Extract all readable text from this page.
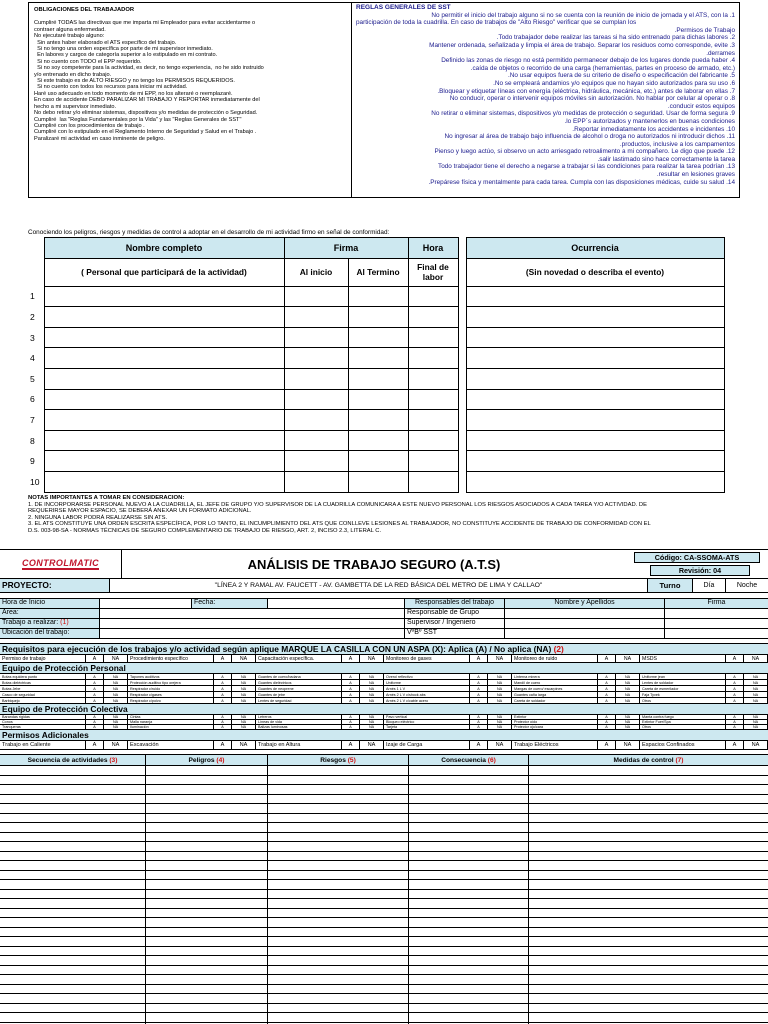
OBLIGACIONES DEL TRABAJADOR
Cumpliré TODAS las directivas que me imparta mi Empleador para evitar accidentarme o
contraer alguna enfermedad.
No ejecutaré trabajo alguno:
Sin antes haber elaborado el ATS específico del trabajo.
Si no tengo una orden específica por parte de mi supervisor inmediato.
En labores y cargos de categoría superior a lo estipulado en mi contrato.
Si no cuento con TODO el EPP requerido.
Si no soy competente para la actividad, es decir, no tengo experiencia,  no he sido instruido
y/o entrenado en dicho trabajo.
Si este trabajo es de ALTO RIESGO y no tengo los PERMISOS REQUERIDOS.
Si no cuento con todos los recursos para iniciar mi actividad.
Haré uso adecuado en todo momento de mi EPP, no los alteraré o reemplazaré.
En caso de accidente DEBO PARALIZAR MI TRABAJO Y REPORTAR inmediatamente del
hecho a mi supervisor inmediato.
No debo retirar y/o eliminar sistemas, dispositivos y/o medidas de protección o Seguridad.
Cumpliré  las "Reglas Fundamentales por la Vida" y las "Reglas Generales de SST"
Cumpliré con los procedimientos de trabajo .
Cumpliré con lo estipulado en el Reglamento Interno de Seguridad y Salud en el Trabajo .
Paralizaré mi actividad en caso inminente de peligro.
REGLAS GENERALES DE SST
No permitir el inicio del trabajo alguno si no se cuenta con la reunión de inicio de jornada y el ATS, con la .1
participación de toda la cuadrilla. En caso de trabajos de "Alto Riesgo" verificar que se cumplan los
.Permisos de Trabajo
.Todo trabajador debe realizar las tareas si ha sido entrenado para dichas labores .2
Mantener ordenada, señalizada y limpia el área de trabajo. Separar los residuos como corresponde, evite .3
.derrames
Definido las zonas de riesgo no está permitido permanecer debajo de los lugares donde pueda haber .4
.caída de objetos o recorrido de una carga (herramientas, partes en proceso de armado, etc.)
.No usar equipos fuera de su criterio de diseño o especificación del fabricante .5
.No se empleará andamios y/o equipos que no hayan sido autorizados para su uso .6
.Bloquear y etiquetar líneas con energía (eléctrica, hidráulica, mecánica, etc.) antes de laborar en ellas .7
No conducir, operar o intervenir equipos móviles sin autorización. No hablar por celular al operar o .8
.conducir estos equipos
No retirar o eliminar sistemas, dispositivos y/o medidas de protección o seguridad. Usar de forma segura .9
.lo EPP´s autorizados y mantenerlos en buenas condiciones
.Reportar inmediatamente los accidentes e incidentes .10
No ingresar al área de trabajo bajo influencia de alcohol o droga no autorizados ni introducir dichos .11
.productos, inclusive a los campamentos
Pienso y luego actúo, si observo un acto arriesgado retroalimento a mi compañero. Le digo que puede .12
.salir lastimado sino hace correctamente la tarea
Todo trabajador tiene el derecho a negarse a trabajar si las condiciones para realizar la tarea podrían .13
.resultar en lesiones graves
.Prepárese física y mentalmente para cada tarea. Cumpla con las disposiciones médicas, cuide su salud .14
Conociendo los peligros, riesgos y medidas de control a adoptar en el desarrollo de mi actividad firmo en señal de conformidad:
	Nombre completo	Firma		Hora		Ocurrencia
	( Personal que participará de la actividad)	Al inicio	Al Termino	Final de labor		(Sin novedad o describa el evento)
1						
2						
3						
4						
5						
6						
7						
8						
9						
10						
NOTAS IMPORTANTES A TOMAR EN CONSIDERACION:
1. DE INCORPORARSE PERSONAL NUEVO A LA CUADRILLA, EL JEFE DE GRUPO Y/O SUPERVISOR DE LA CUADRILLA COMUNICARA A ESTE NUEVO PERSONAL LOS RIESGOS ASOCIADOS A CADA TAREA Y/O ACTIVIDAD. DE
REQUERIRSE MAYOR ESPACIO, SE DEBERÁ ANEXAR UN FORMATO ADICIONAL.
2. NINGUNA LABOR PODRÁ REALIZARSE SIN ATS.
3. EL ATS CONSTITUYE UNA ORDEN ESCRITA ESPECÍFICA, POR LO TANTO, EL INCUMPLIMIENTO DEL ATS QUE CONLLEVE LESIONES AL TRABAJADOR, NO CONSTITUYE ACCIDENTE DE TRABAJO DE CONFORMIDAD CON EL
D.S. 003-98-SA - NORMAS TÉCNICAS DE SEGURO COMPLEMENTARIO DE TRABAJO DE RIESGO, ART. 2, INCISO 2.3, LITERAL C.
CONTROLMATIC	ANÁLISIS DE TRABAJO SEGURO (A.T.S)	Código: CA-SSOMA-ATS
Revisión: 04
PROYECTO:	"LÍNEA 2 Y RAMAL AV. FAUCETT - AV. GAMBETTA DE LA RED BÁSICA DEL METRO DE LIMA Y CALLAO"	Turno	Día	Noche
Hora de Inicio	Fecha:
Area:
Trabajo a realizar: (1)
Ubicación del trabajo:
Responsables del trabajo	Nombre y Apellidos	Firma
Responsable de Grupo
Supervisor / Ingeniero
VºBº SST
Requisitos para ejecución de los trabajos y/o actividad según aplique MARQUE LA CASILLA CON UN ASPA (X): Aplica (A) / No aplica (NA) (2)
Permiso de trabajo	A	NA	Procedimiento específico	A	NA	Capacitación específica.	A	NA	Monitoreo de gases	A	NA	Monitoreo de ruido	A	NA	MSDS	A	NA
Equipo de Protección Personal
Botas equidera punto	A	NA	Tapones auditivos	A	NA	Guantes de cuero/badana	A	NA	Overol reflectivo	A	NA	Linterna minera	A	NA	Uniforme jean	A	NA
Botas dieléctricas	A	NA	Protección auditivo tipo orejera	A	NA	Guantes dieléctricos	A	NA	Uniforme	A	NA	Mandil de cuero	A	NA	Lentes de soldador	A	NA
Botas Jebe	A	NA	Respirador c/ruido	A	NA	Guantes de neoprene	A	NA	Arnés 1 L V	A	NA	Mangas de cuero/ escarpines	A	NA	Careta de esmerilador	A	NA
Casco de seguridad	A	NA	Respirador c/gases	A	NA	Guantes de jebe	A	NA	Arnés 2 L V c/shock abs	A	NA	Guantes caña larga	A	NA	Faja Tyvek	A	NA
Barbiquejo	A	NA	Respirador c/polvo	A	NA	Lentes de seguridad	A	NA	Arnés 2 L V c/cable acero	A	NA	Careta de soldador	A	NA	Otros	A	NA
Equipo de Protección Colectiva
Barandas rígidas	A	NA	Cintas	A	NA	Letreros	A	NA	Pavo vertical	A	NA	Extintor	A	NA	Manta contra fuego	A	NA
Conos	A	NA	Malla naranja	A	NA	Líneas de vida	A	NA	Bloqueo eléctrico	A	NA	Protector oído	A	NA	Extintor Fuer/Spa	A	NA
Tranqueras	A	NA	Iluminación	A	NA	Balizas luminosas	A	NA	Tarjeta	A	NA	Protector ojo/cara	A	NA	Otros	A	NA
Permisos Adicionales
Trabajo en Caliente	A	NA	Excavación	A	NA	Trabajo en Altura	A	NA	Izaje de Carga	A	NA	Trabajo Eléctricos	A	NA	Espacios Confinados	A	NA
Secuencia de actividades (3)	Peligros (4)	Riesgos (5)	Consecuencia (6)	Medidas de control (7)
